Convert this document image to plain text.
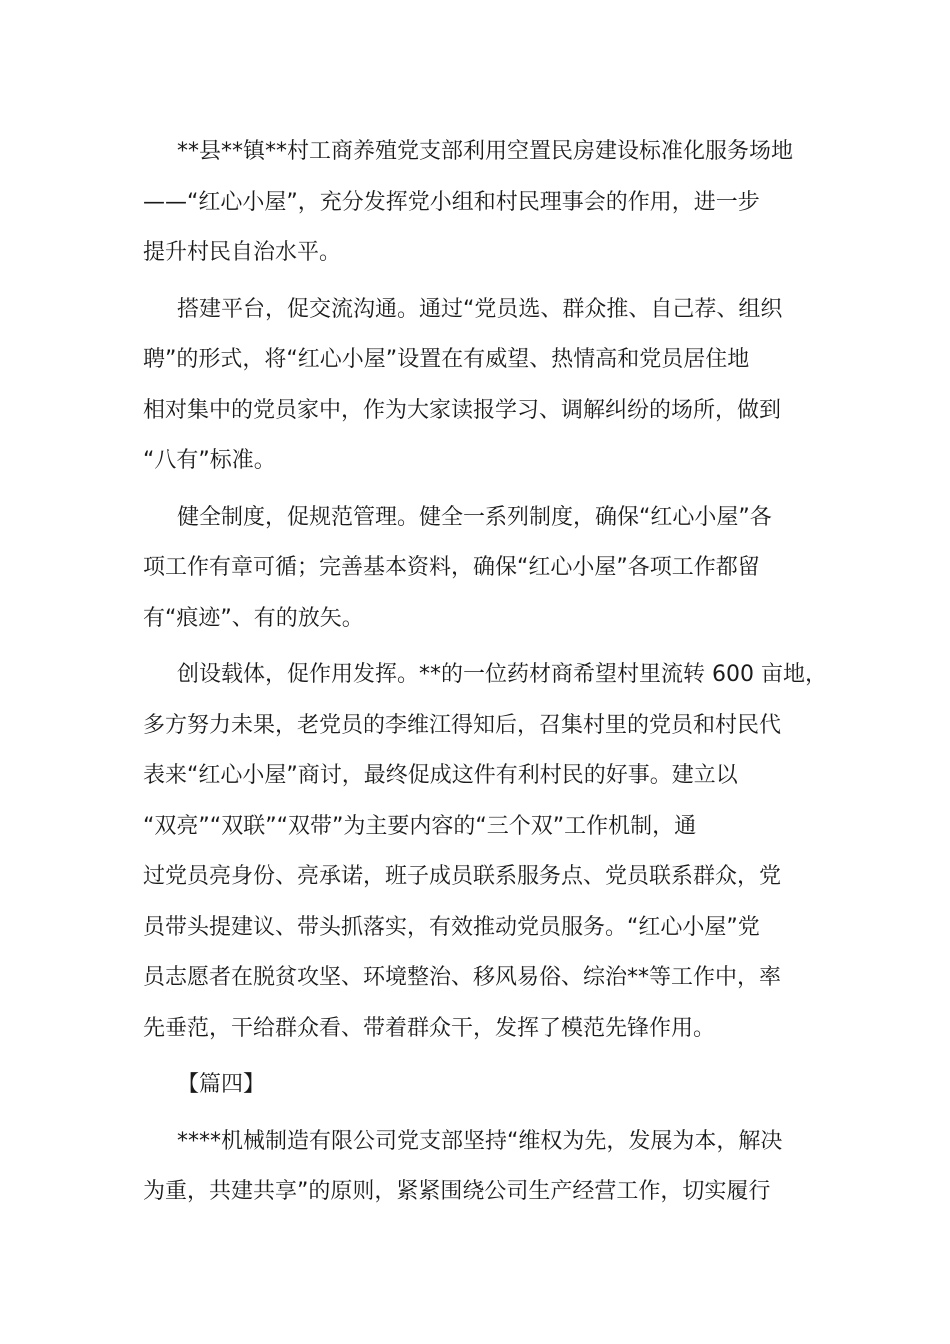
**县**镇**村工商养殖党支部利用空置民房建设标准化服务场地
——“红心小屋”，充分发挥党小组和村民理事会的作用，进一步
提升村民自治水平。
搭建平台，促交流沟通。通过“党员选、群众推、自己荐、组织
聘”的形式，将“红心小屋”设置在有威望、热情高和党员居住地
相对集中的党员家中，作为大家读报学习、调解纠纷的场所，做到
“八有”标准。
健全制度，促规范管理。健全一系列制度，确保“红心小屋”各
项工作有章可循；完善基本资料，确保“红心小屋”各项工作都留
有“痕迹”、有的放矢。
创设载体，促作用发挥。**的一位药材商希望村里流转 600 亩地，
多方努力未果，老党员的李维江得知后，召集村里的党员和村民代
表来“红心小屋”商讨，最终促成这件有利村民的好事。建立以
“双亮”“双联”“双带”为主要内容的“三个双”工作机制，通
过党员亮身份、亮承诺，班子成员联系服务点、党员联系群众，党
员带头提建议、带头抓落实，有效推动党员服务。“红心小屋”党
员志愿者在脱贫攻坚、环境整治、移风易俗、综治**等工作中，率
先垂范，干给群众看、带着群众干，发挥了模范先锋作用。
【篇四】
****机械制造有限公司党支部坚持“维权为先，发展为本，解决
为重，共建共享”的原则，紧紧围绕公司生产经营工作，切实履行
